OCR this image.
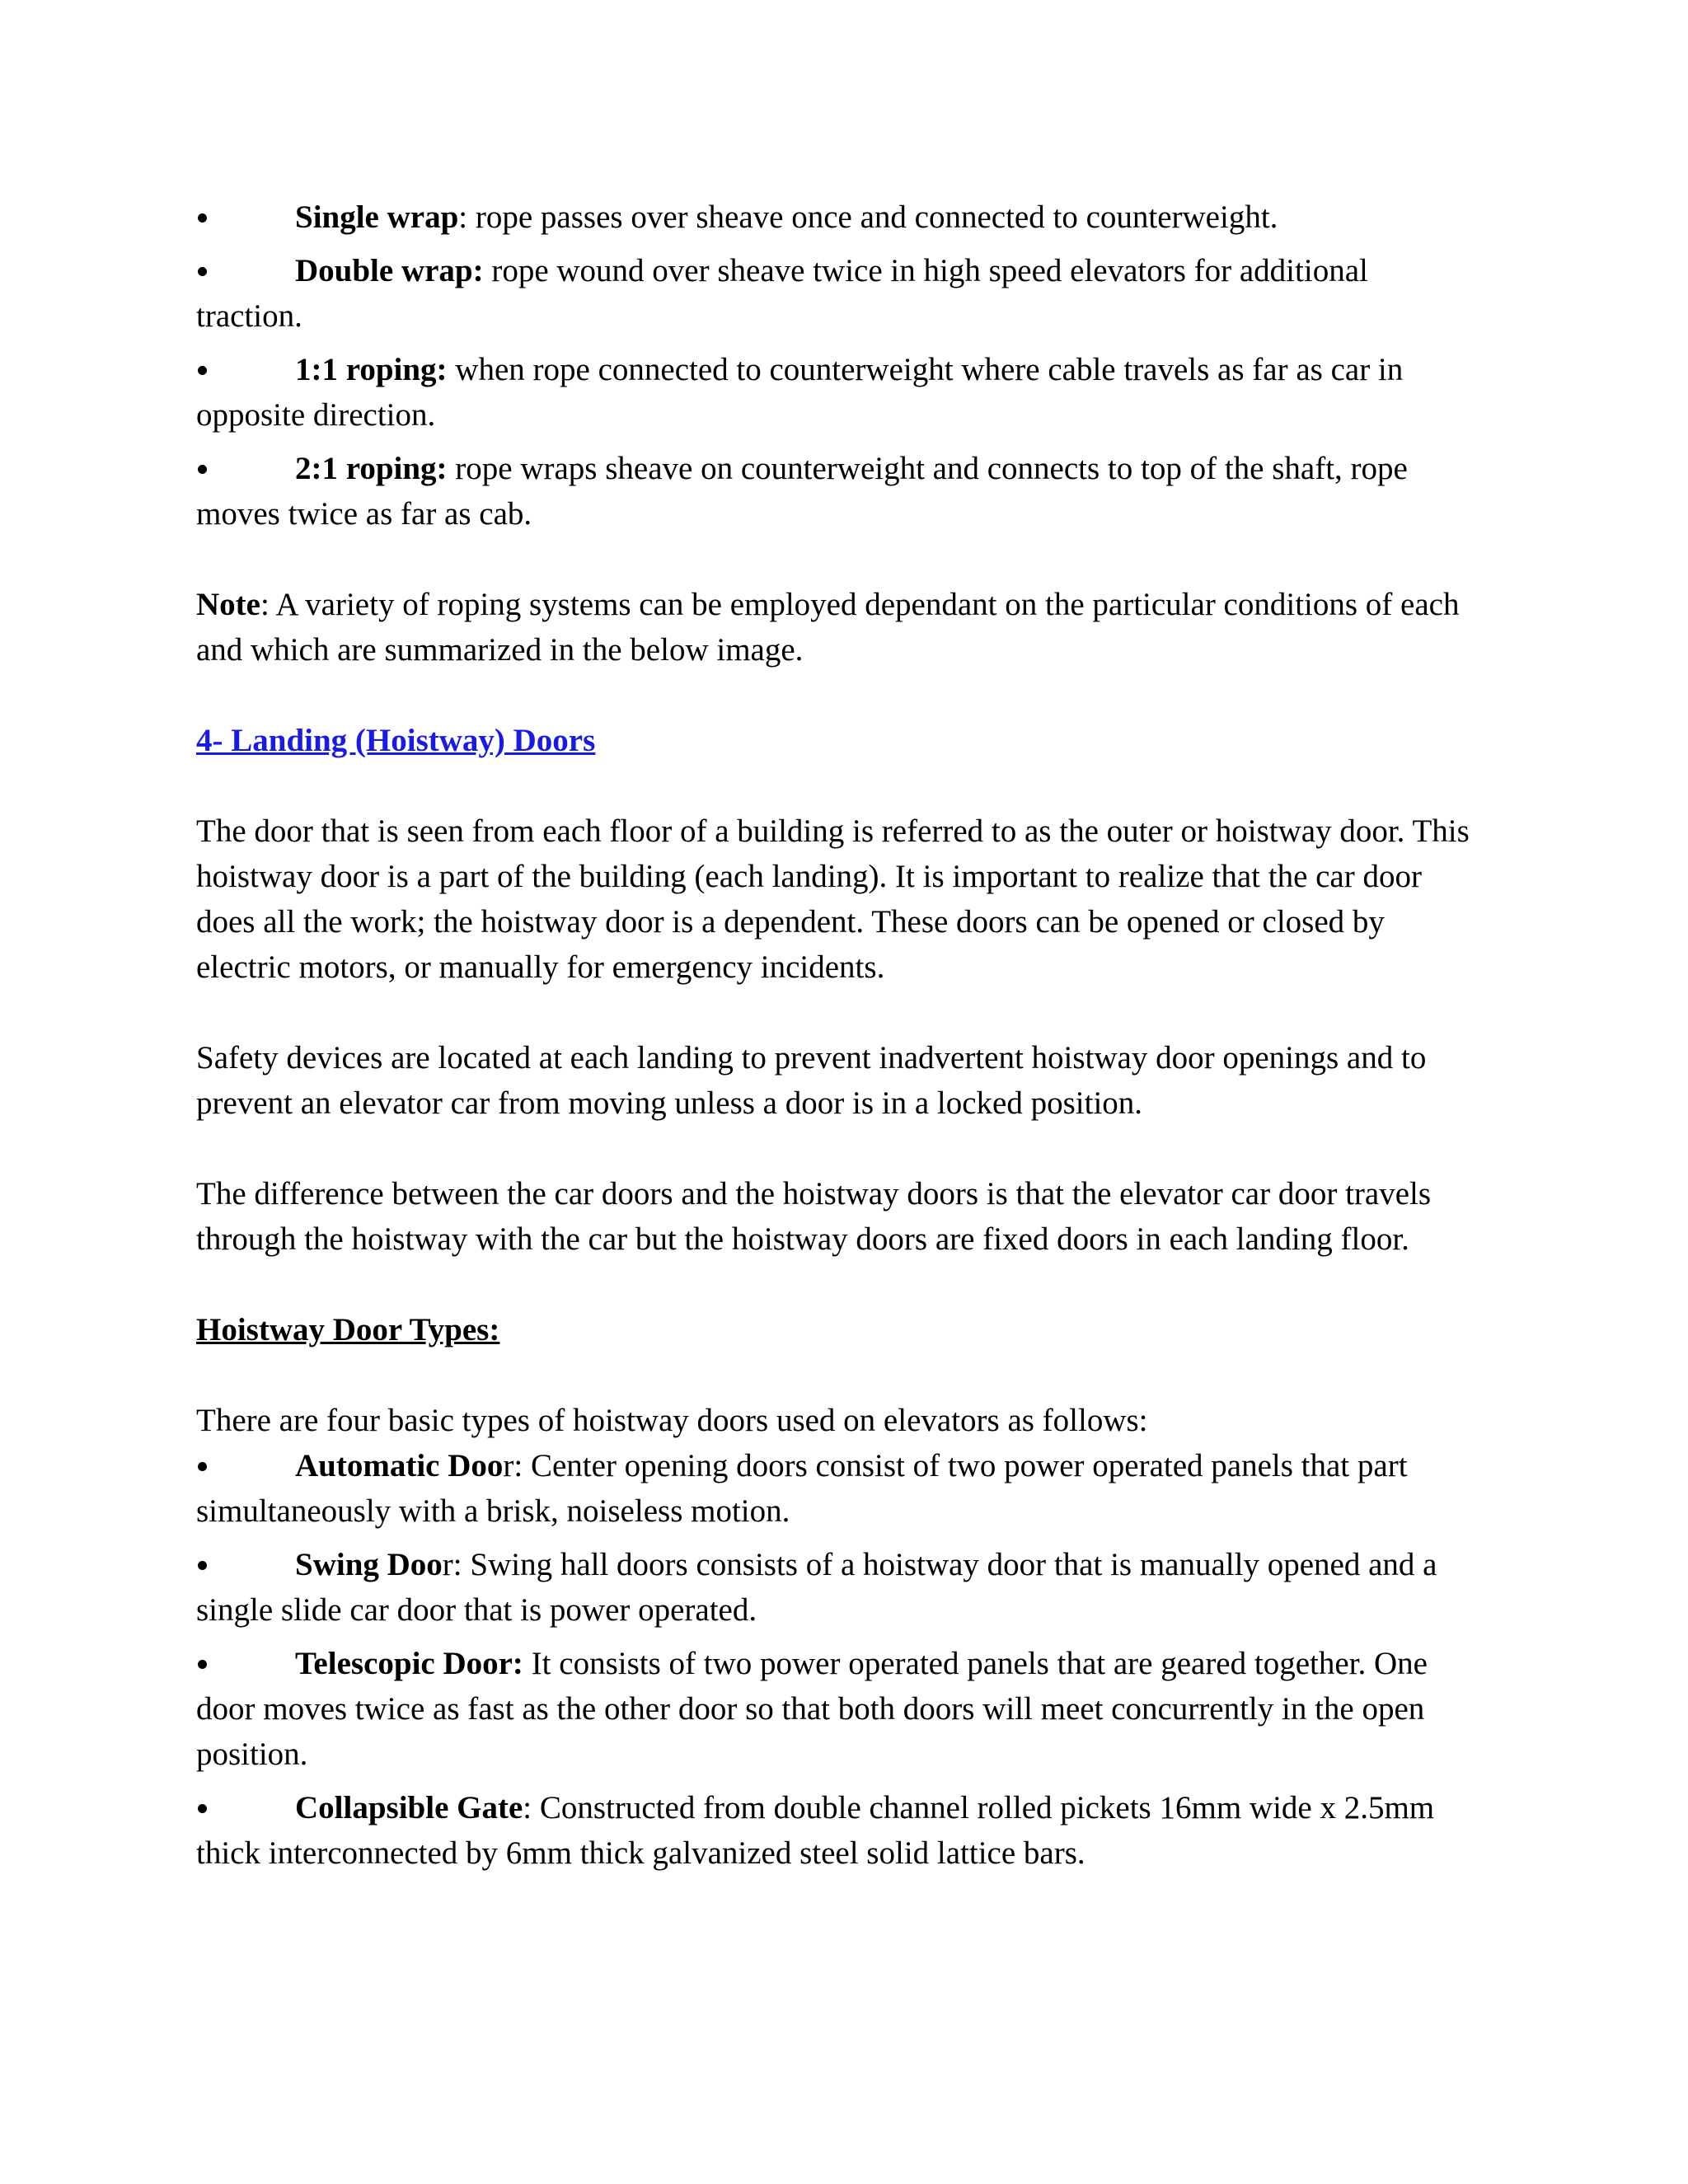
Single wrap: rope passes over sheave once and connected to counterweight.

Double wrap: rope wound over sheave twice in high speed elevators for additional traction.

1:1 roping: when rope connected to counterweight where cable travels as far as car in opposite direction.

2:1 roping: rope wraps sheave on counterweight and connects to top of the shaft, rope moves twice as far as cab.

Note: A variety of roping systems can be employed dependant on the particular conditions of each and which are summarized in the below image.

4- Landing (Hoistway) Doors

The door that is seen from each floor of a building is referred to as the outer or hoistway door. This hoistway door is a part of the building (each landing). It is important to realize that the car door does all the work; the hoistway door is a dependent. These doors can be opened or closed by electric motors, or manually for emergency incidents.

Safety devices are located at each landing to prevent inadvertent hoistway door openings and to prevent an elevator car from moving unless a door is in a locked position.

The difference between the car doors and the hoistway doors is that the elevator car door travels through the hoistway with the car but the hoistway doors are fixed doors in each landing floor.

Hoistway Door Types:

There are four basic types of hoistway doors used on elevators as follows:

Automatic Door: Center opening doors consist of two power operated panels that part simultaneously with a brisk, noiseless motion.

Swing Door: Swing hall doors consists of a hoistway door that is manually opened and a single slide car door that is power operated.

Telescopic Door: It consists of two power operated panels that are geared together. One door moves twice as fast as the other door so that both doors will meet concurrently in the open position.

Collapsible Gate: Constructed from double channel rolled pickets 16mm wide x 2.5mm thick interconnected by 6mm thick galvanized steel solid lattice bars.
